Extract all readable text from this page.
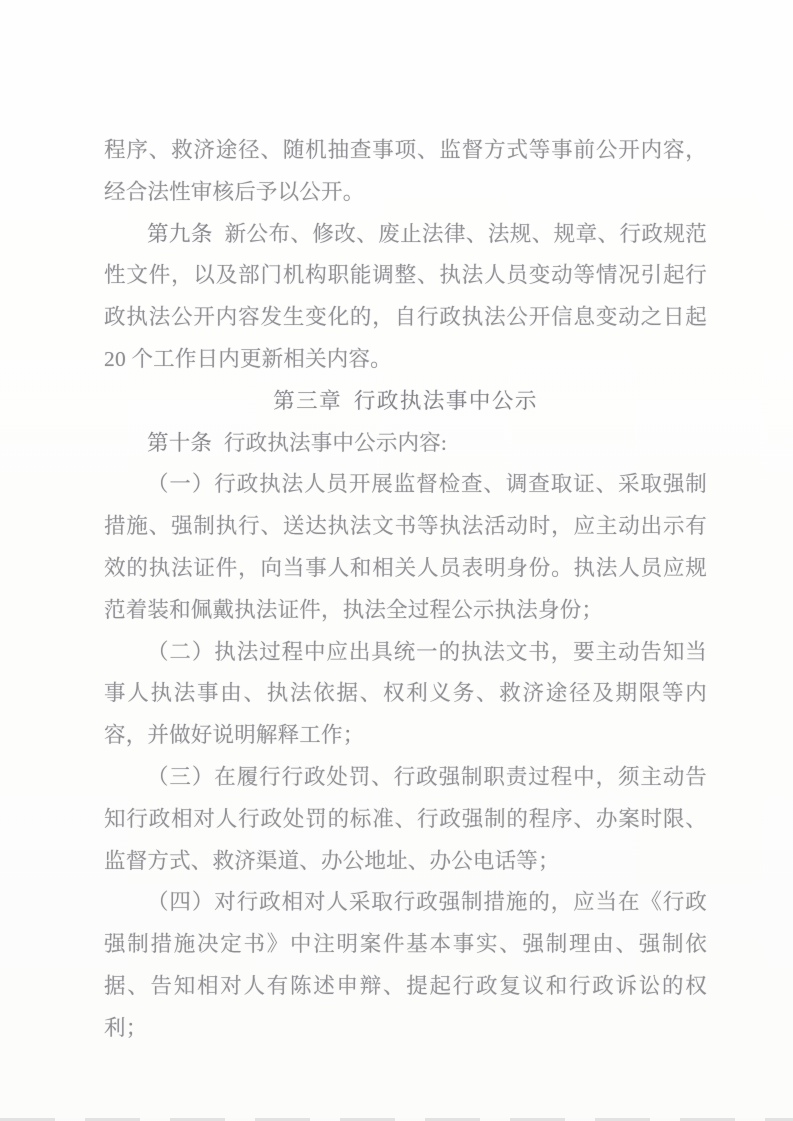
程序、救济途径、随机抽查事项、监督方式等事前公开内容，经合法性审核后予以公开。

第九条 新公布、修改、废止法律、法规、规章、行政规范性文件，以及部门机构职能调整、执法人员变动等情况引起行政执法公开内容发生变化的，自行政执法公开信息变动之日起 20 个工作日内更新相关内容。

第三章 行政执法事中公示

第十条 行政执法事中公示内容:

（一）行政执法人员开展监督检查、调查取证、采取强制措施、强制执行、送达执法文书等执法活动时，应主动出示有效的执法证件，向当事人和相关人员表明身份。执法人员应规范着装和佩戴执法证件，执法全过程公示执法身份；

（二）执法过程中应出具统一的执法文书，要主动告知当事人执法事由、执法依据、权利义务、救济途径及期限等内容，并做好说明解释工作；

（三）在履行行政处罚、行政强制职责过程中，须主动告知行政相对人行政处罚的标准、行政强制的程序、办案时限、监督方式、救济渠道、办公地址、办公电话等；

（四）对行政相对人采取行政强制措施的，应当在《行政强制措施决定书》中注明案件基本事实、强制理由、强制依据、告知相对人有陈述申辩、提起行政复议和行政诉讼的权利；
